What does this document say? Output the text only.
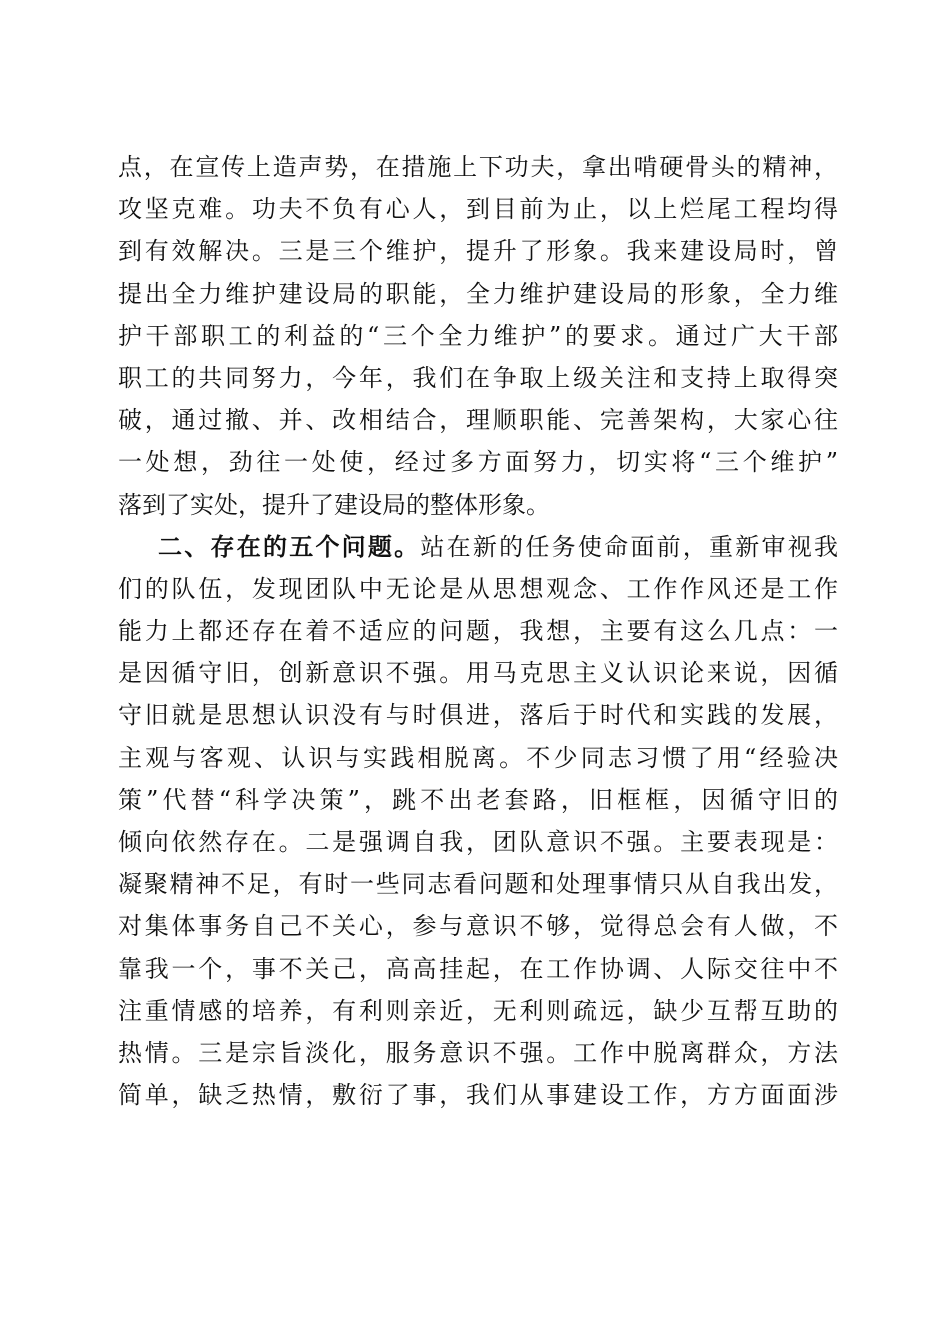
点，在宣传上造声势，在措施上下功夫，拿出啃硬骨头的精神，
攻坚克难。功夫不负有心人，到目前为止，以上烂尾工程均得
到有效解决。三是三个维护，提升了形象。我来建设局时，曾
提出全力维护建设局的职能，全力维护建设局的形象，全力维
护干部职工的利益的“三个全力维护”的要求。通过广大干部
职工的共同努力，今年，我们在争取上级关注和支持上取得突
破，通过撤、并、改相结合，理顺职能、完善架构，大家心往
一处想，劲往一处使，经过多方面努力，切实将“三个维护”
落到了实处，提升了建设局的整体形象。
二、存在的五个问题。站在新的任务使命面前，重新审视我
们的队伍，发现团队中无论是从思想观念、工作作风还是工作
能力上都还存在着不适应的问题，我想，主要有这么几点：一
是因循守旧，创新意识不强。用马克思主义认识论来说，因循
守旧就是思想认识没有与时俱进，落后于时代和实践的发展，
主观与客观、认识与实践相脱离。不少同志习惯了用“经验决
策”代替“科学决策”，跳不出老套路，旧框框，因循守旧的
倾向依然存在。二是强调自我，团队意识不强。主要表现是：
凝聚精神不足，有时一些同志看问题和处理事情只从自我出发，
对集体事务自己不关心，参与意识不够，觉得总会有人做，不
靠我一个，事不关己，高高挂起，在工作协调、人际交往中不
注重情感的培养，有利则亲近，无利则疏远，缺少互帮互助的
热情。三是宗旨淡化，服务意识不强。工作中脱离群众，方法
简单，缺乏热情，敷衍了事，我们从事建设工作，方方面面涉
